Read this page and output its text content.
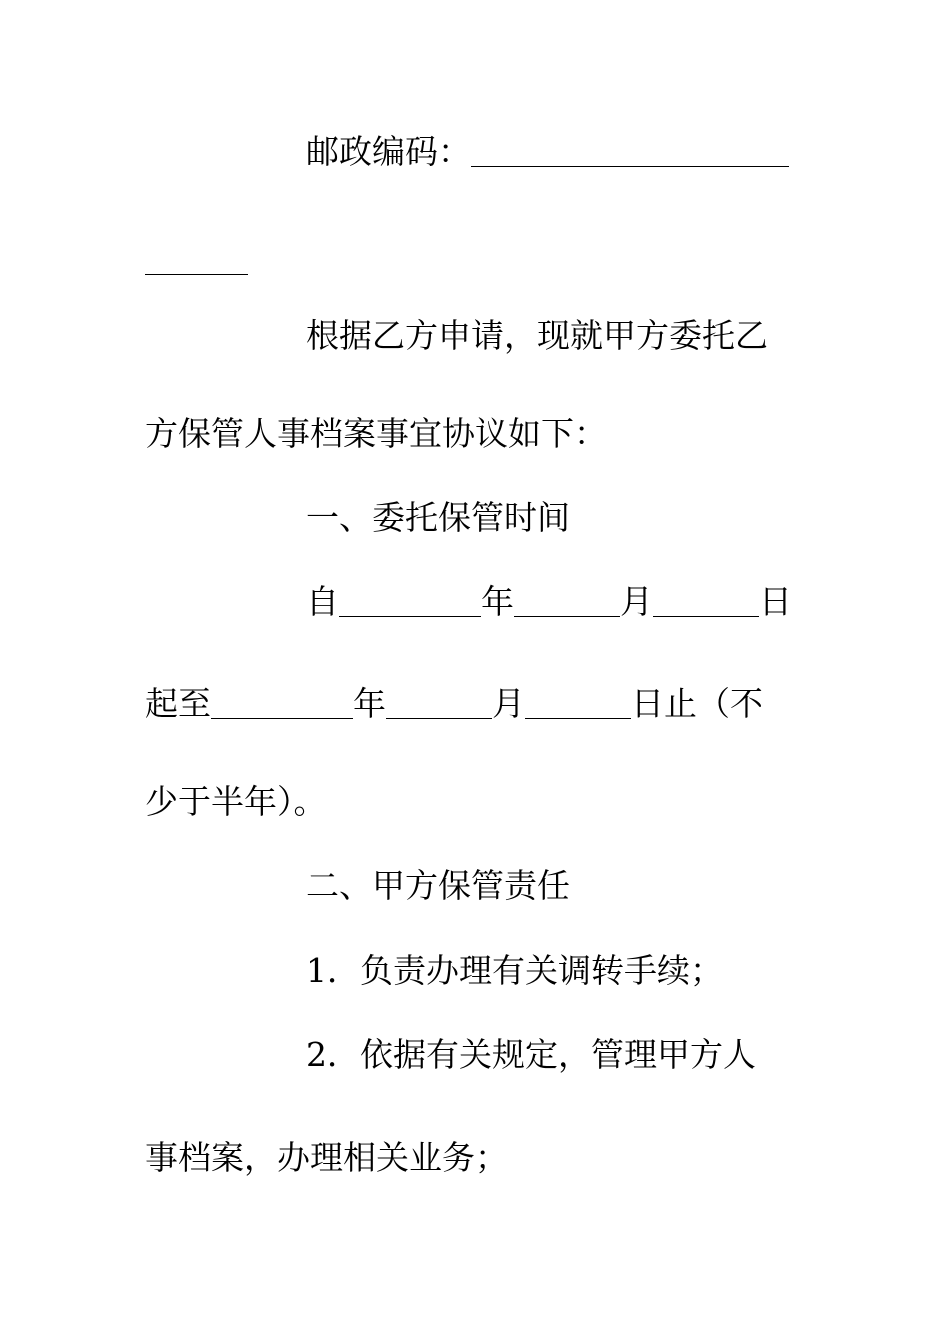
邮政编码：
根据乙方申请，现就甲方委托乙
方保管人事档案事宜协议如下：
一、委托保管时间
自	年	月	日
起至	年	月	日止（不
少于半年）。
二、甲方保管责任
1．负责办理有关调转手续；
2．依据有关规定，管理甲方人
事档案，办理相关业务；
